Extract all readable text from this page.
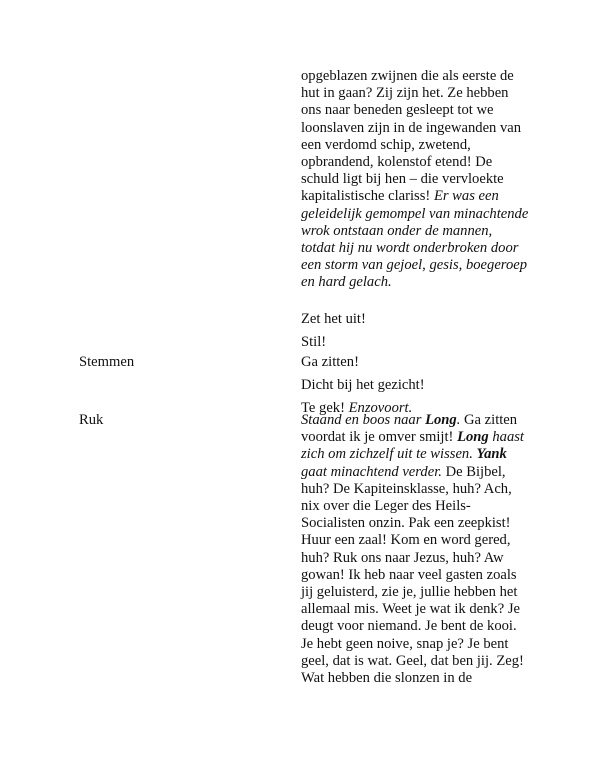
opgeblazen zwijnen die als eerste de hut in gaan? Zij zijn het. Ze hebben ons naar beneden gesleept tot we loonslaven zijn in de ingewanden van een verdomd schip, zwetend, opbrandend, kolenstof etend! De schuld ligt bij hen – die vervloekte kapitalistische clariss! Er was een geleidelijk gemompel van minachtende wrok ontstaan onder de mannen, totdat hij nu wordt onderbroken door een storm van gejoel, gesis, boegeroep en hard gelach.

Zet het uit!

Stil!

Stemmen	Ga zitten!

Dicht bij het gezicht!

Te gek! Enzovoort.

Ruk	Staand en boos naar Long. Ga zitten voordat ik je omver smijt! Long haast zich om zichzelf uit te wissen. Yank gaat minachtend verder. De Bijbel, huh? De Kapiteinsklasse, huh? Ach, nix over die Leger des Heils-Socialisten onzin. Pak een zeepkist! Huur een zaal! Kom en word gered, huh? Ruk ons naar Jezus, huh? Aw gowan! Ik heb naar veel gasten zoals jij geluisterd, zie je, jullie hebben het allemaal mis. Weet je wat ik denk? Je deugt voor niemand. Je bent de kooi. Je hebt geen noive, snap je? Je bent geel, dat is wat. Geel, dat ben jij. Zeg! Wat hebben die slonzen in de
